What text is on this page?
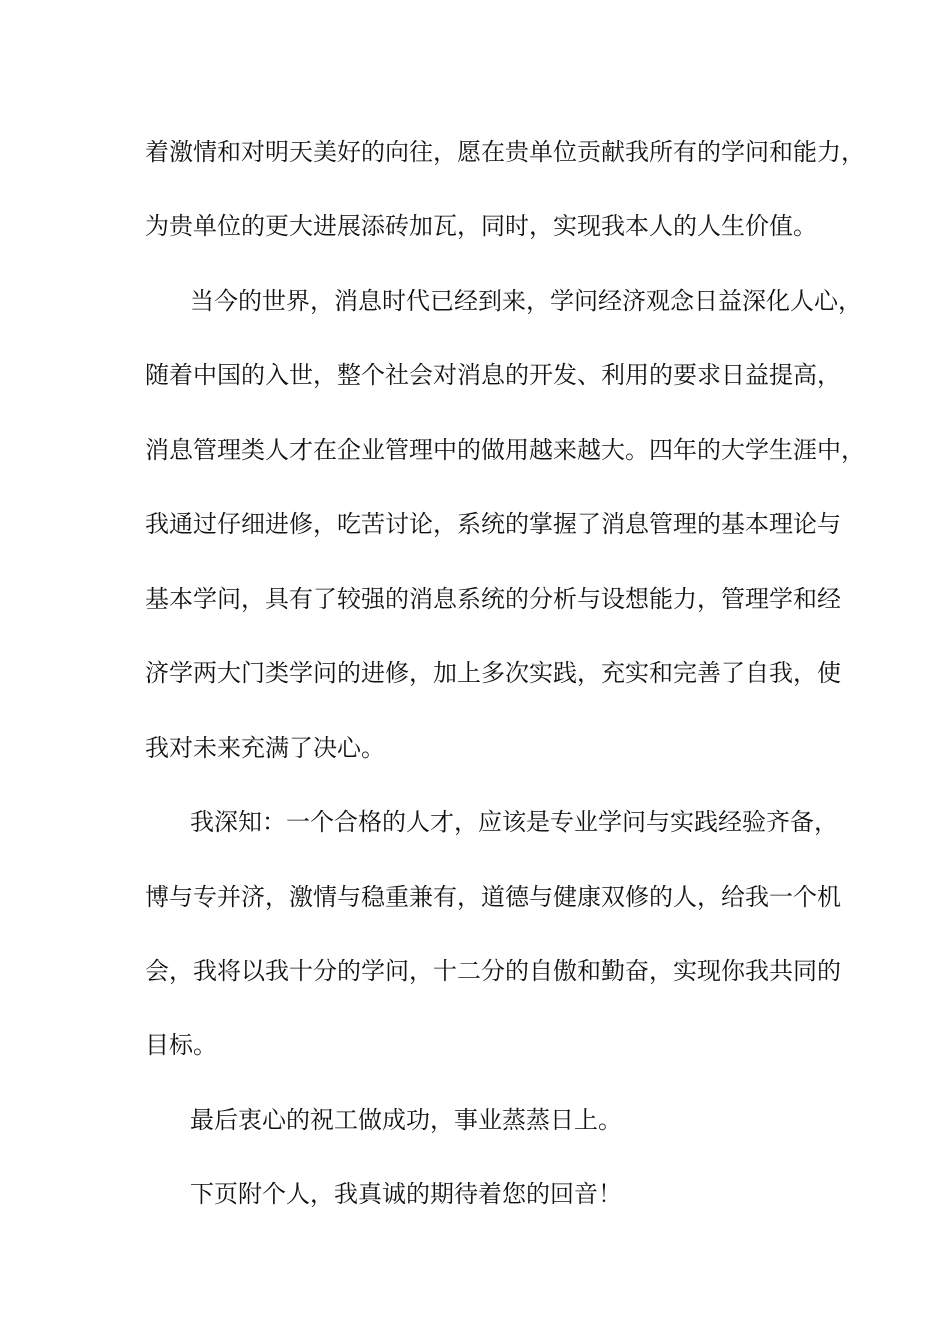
着激情和对明天美好的向往，愿在贵单位贡献我所有的学问和能力，
为贵单位的更大进展添砖加瓦，同时，实现我本人的人生价值。
当今的世界，消息时代已经到来，学问经济观念日益深化人心，
随着中国的入世，整个社会对消息的开发、利用的要求日益提高，
消息管理类人才在企业管理中的做用越来越大。四年的大学生涯中，
我通过仔细进修，吃苦讨论，系统的掌握了消息管理的基本理论与
基本学问，具有了较强的消息系统的分析与设想能力，管理学和经
济学两大门类学问的进修，加上多次实践，充实和完善了自我，使
我对未来充满了决心。
我深知：一个合格的人才，应该是专业学问与实践经验齐备，
博与专并济，激情与稳重兼有，道德与健康双修的人，给我一个机
会，我将以我十分的学问，十二分的自傲和勤奋，实现你我共同的
目标。
最后衷心的祝工做成功，事业蒸蒸日上。
下页附个人，我真诚的期待着您的回音！
